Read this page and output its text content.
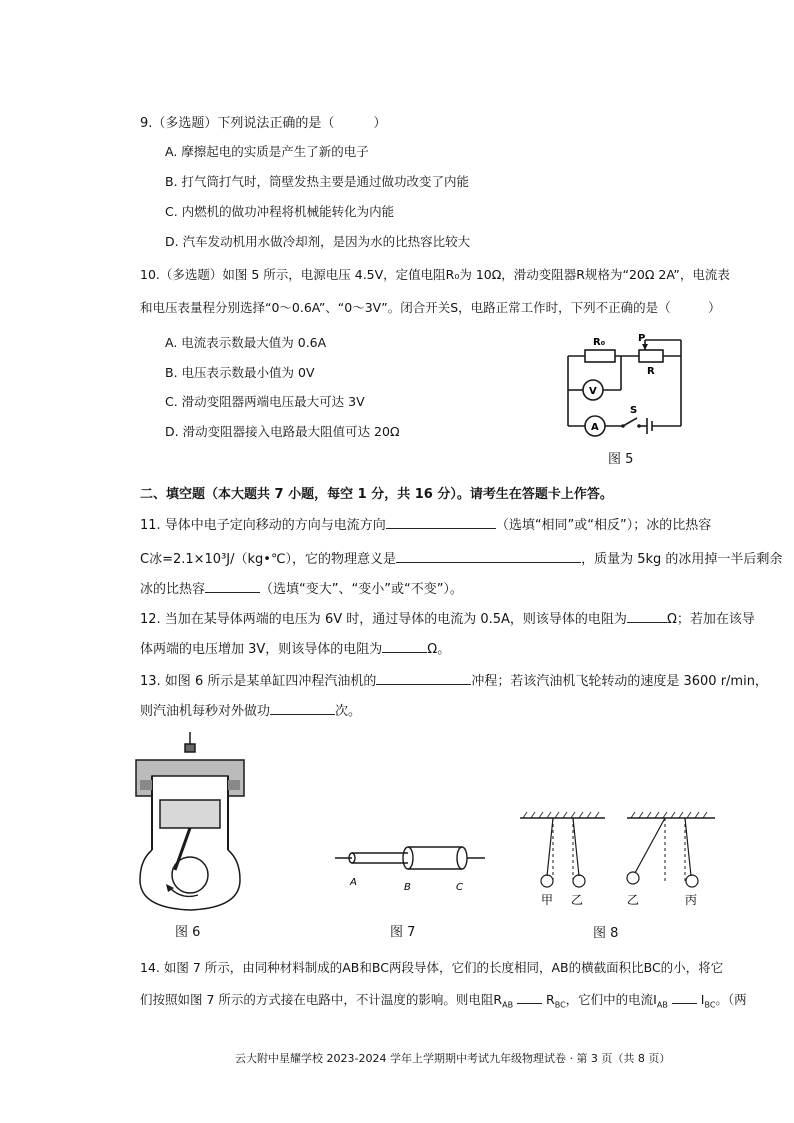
9.（多选题）下列说法正确的是（　　　）
A. 摩擦起电的实质是产生了新的电子
B. 打气筒打气时，筒壁发热主要是通过做功改变了内能
C. 内燃机的做功冲程将机械能转化为内能
D. 汽车发动机用水做冷却剂，是因为水的比热容比较大
10.（多选题）如图 5 所示，电源电压 4.5V，定值电阻R₀为 10Ω，滑动变阻器R规格为“20Ω 2A”，电流表
和电压表量程分别选择“0～0.6A”、“0～3V”。闭合开关S，电路正常工作时，下列不正确的是（　　　）
A. 电流表示数最大值为 0.6A
B. 电压表示数最小值为 0V
C. 滑动变阻器两端电压最大可达 3V
D. 滑动变阻器接入电路最大阻值可达 20Ω
R₀	P
R
V
A
S
图 5
二、填空题（本大题共 7 小题，每空 1 分，共 16 分）。请考生在答题卡上作答。
11. 导体中电子定向移动的方向与电流方向	（选填“相同”或“相反”）；冰的比热容
C冰=2.1×10³J/（kg•℃），它的物理意义是	，质量为 5kg 的冰用掉一半后剩余
冰的比热容	（选填“变大”、“变小”或“不变”）。
12. 当加在某导体两端的电压为 6V 时，通过导体的电流为 0.5A，则该导体的电阻为	Ω；若加在该导
体两端的电压增加 3V，则该导体的电阻为	Ω。
13. 如图 6 所示是某单缸四冲程汽油机的	冲程；若该汽油机飞轮转动的速度是 3600 r/min，
则汽油机每秒对外做功	次。
图 6
A	B	C
图 7
甲 乙	乙	丙
图 8
14. 如图 7 所示，由同种材料制成的AB和BC两段导体，它们的长度相同，AB的横截面积比BC的小，将它
们按照如图 7 所示的方式接在电路中，不计温度的影响。则电阻$R_{AB}$	$R_{BC}$，它们中的电流$I_{AB}$	$I_{BC}$。（两
云大附中星耀学校 2023-2024 学年上学期期中考试九年级物理试卷 · 第 3 页（共 8 页）
